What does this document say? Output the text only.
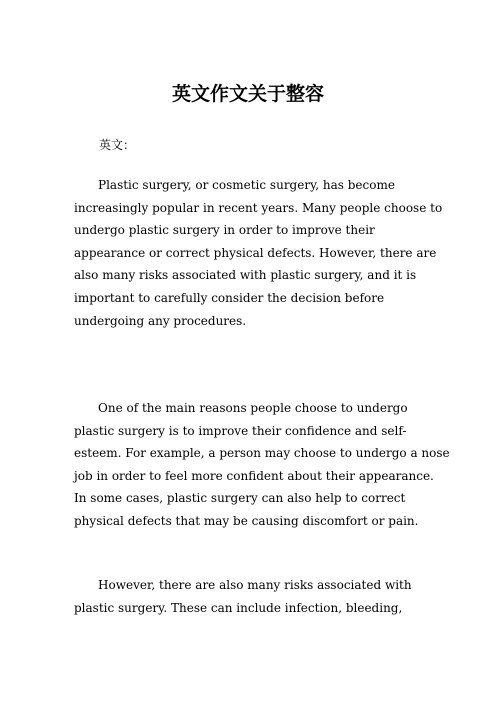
英文作文关于整容

英文：

Plastic surgery, or cosmetic surgery, has become
increasingly popular in recent years. Many people choose to
undergo plastic surgery in order to improve their
appearance or correct physical defects. However, there are
also many risks associated with plastic surgery, and it is
important to carefully consider the decision before
undergoing any procedures.

One of the main reasons people choose to undergo
plastic surgery is to improve their confidence and self-
esteem. For example, a person may choose to undergo a nose
job in order to feel more confident about their appearance.
In some cases, plastic surgery can also help to correct
physical defects that may be causing discomfort or pain.

However, there are also many risks associated with
plastic surgery. These can include infection, bleeding,
